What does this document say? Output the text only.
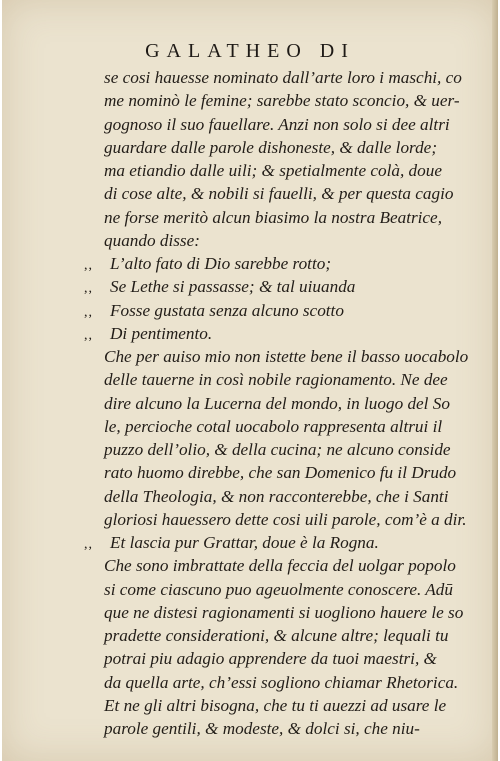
GALATHEO DI
se cosi hauesse nominato dall’arte loro i maschi, co
me nominò le femine; sarebbe stato sconcio, & uer-
gognoso il suo fauellare. Anzi non solo si dee altri
guardare dalle parole dishoneste, & dalle lorde;
ma etiandio dalle uili; & spetialmente colà, doue
di cose alte, & nobili si fauelli, & per questa cagio
ne forse meritò alcun biasimo la nostra Beatrice,
quando disse:
,, L’alto fato di Dio sarebbe rotto;
,, Se Lethe si passasse; & tal uiuanda
,, Fosse gustata senza alcuno scotto
,, Di pentimento.
Che per auiso mio non istette bene il basso uocabolo
delle tauerne in così nobile ragionamento. Ne dee
dire alcuno la Lucerna del mondo, in luogo del So
le, percioche cotal uocabolo rappresenta altrui il
puzzo dell’olio, & della cucina; ne alcuno conside
rato huomo direbbe, che san Domenico fu il Drudo
della Theologia, & non racconterebbe, che i Santi
gloriosi hauessero dette cosi uili parole, com’è a dir.
,, Et lascia pur Grattar, doue è la Rogna.
Che sono imbrattate della feccia del uolgar popolo
si come ciascuno puo ageuolmente conoscere. Adū
que ne distesi ragionamenti si uogliono hauere le so
pradette considerationi, & alcune altre; lequali tu
potrai piu adagio apprendere da tuoi maestri, &
da quella arte, ch’essi sogliono chiamar Rhetorica.
Et ne gli altri bisogna, che tu ti auezzi ad usare le
parole gentili, & modeste, & dolci si, che niu-
